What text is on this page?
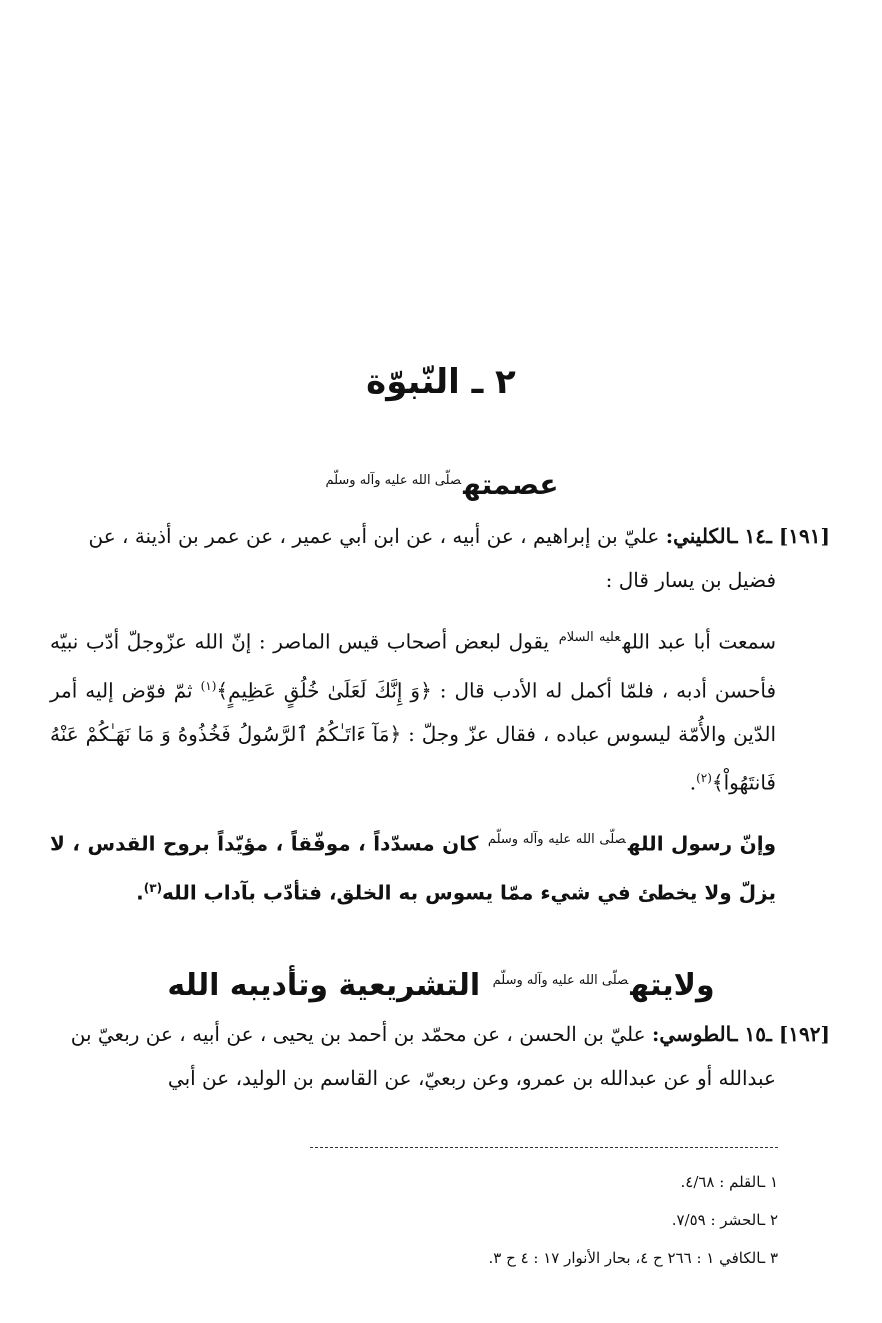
٢ ـ النّبوّة
عصمته$^{صلّى الله عليه وآله وسلّم}$
[١٩١] ـ١٤ ـالكليني: عليّ بن إبراهيم ، عن أبيه ، عن ابن أبي عمير ، عن عمر بن أذينة ، عن
فضيل بن يسار قال :
سمعت أبا عبد الله$^{عليه السلام}$ يقول لبعض أصحاب قيس الماصر : إنّ الله عزّوجلّ أدّب نبيّه فأحسن أدبه ، فلمّا أكمل له الأدب قال : ﴿وَ إِنَّكَ لَعَلَىٰ خُلُقٍ عَظِيمٍ﴾$^{(١)}$ ثمّ فوّض إليه أمر الدّين والأُمّة ليسوس عباده ، فقال عزّ وجلّ : ﴿مَآ ءَاتَـٰكُمُ ٱلرَّسُولُ فَخُذُوهُ وَ مَا نَهَـٰكُمْ عَنْهُ فَانتَهُواْ﴾$^{(٢)}$.
وإنّ رسول الله$^{صلّى الله عليه وآله وسلّم}$ كان مسدّداً ، موفّقاً ، مؤيّداً بروح القدس ، لا يزلّ ولا يخطئ في شيء ممّا يسوس به الخلق، فتأدّب بآداب الله$^{(٣)}$.
ولايته$^{صلّى الله عليه وآله وسلّم}$ التشريعية وتأديبه الله
[١٩٢] ـ١٥ ـالطوسي: عليّ بن الحسن ، عن محمّد بن أحمد بن يحيى ، عن أبيه ، عن ربعيّ بن
عبدالله أو عن عبدالله بن عمرو، وعن ربعيّ، عن القاسم بن الوليد، عن أبي
١ ـالقلم : ٤/٦٨.
٢ ـالحشر : ٧/٥٩.
٣ ـالكافي ١ : ٢٦٦ ح ٤، بحار الأنوار ١٧ : ٤ ح ٣.
